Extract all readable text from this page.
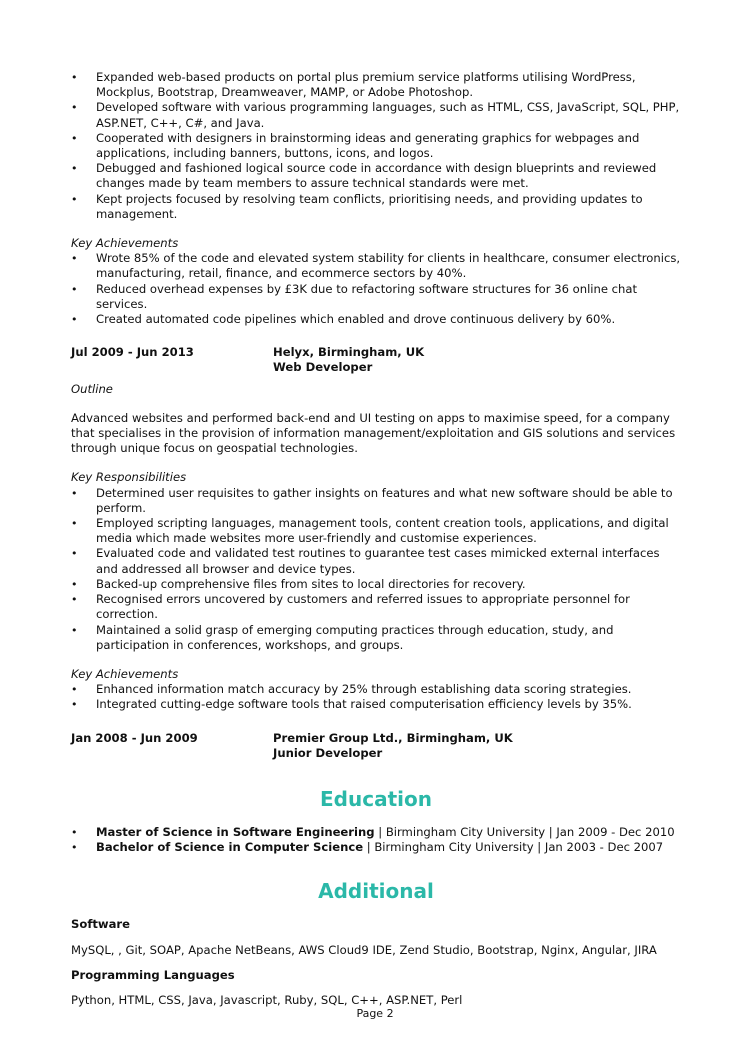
• Expanded web-based products on portal plus premium service platforms utilising WordPress, Mockplus, Bootstrap, Dreamweaver, MAMP, or Adobe Photoshop.
• Developed software with various programming languages, such as HTML, CSS, JavaScript, SQL, PHP, ASP.NET, C++, C#, and Java.
• Cooperated with designers in brainstorming ideas and generating graphics for webpages and applications, including banners, buttons, icons, and logos.
• Debugged and fashioned logical source code in accordance with design blueprints and reviewed changes made by team members to assure technical standards were met.
• Kept projects focused by resolving team conflicts, prioritising needs, and providing updates to management.
Key Achievements
• Wrote 85% of the code and elevated system stability for clients in healthcare, consumer electronics, manufacturing, retail, finance, and ecommerce sectors by 40%.
• Reduced overhead expenses by £3K due to refactoring software structures for 36 online chat services.
• Created automated code pipelines which enabled and drove continuous delivery by 60%.
Jul 2009 - Jun 2013	Helyx, Birmingham, UK
Web Developer
Outline
Advanced websites and performed back-end and UI testing on apps to maximise speed, for a company that specialises in the provision of information management/exploitation and GIS solutions and services through unique focus on geospatial technologies.
Key Responsibilities
• Determined user requisites to gather insights on features and what new software should be able to perform.
• Employed scripting languages, management tools, content creation tools, applications, and digital media which made websites more user-friendly and customise experiences.
• Evaluated code and validated test routines to guarantee test cases mimicked external interfaces and addressed all browser and device types.
• Backed-up comprehensive files from sites to local directories for recovery.
• Recognised errors uncovered by customers and referred issues to appropriate personnel for correction.
• Maintained a solid grasp of emerging computing practices through education, study, and participation in conferences, workshops, and groups.
Key Achievements
• Enhanced information match accuracy by 25% through establishing data scoring strategies.
• Integrated cutting-edge software tools that raised computerisation efficiency levels by 35%.
Jan 2008 - Jun 2009	Premier Group Ltd., Birmingham, UK
Junior Developer
Education
• Master of Science in Software Engineering | Birmingham City University | Jan 2009 - Dec 2010
• Bachelor of Science in Computer Science | Birmingham City University | Jan 2003 - Dec 2007
Additional
Software
MySQL, , Git, SOAP, Apache NetBeans, AWS Cloud9 IDE, Zend Studio, Bootstrap, Nginx, Angular, JIRA
Programming Languages
Python, HTML, CSS, Java, Javascript, Ruby, SQL, C++, ASP.NET, Perl
Page 2
